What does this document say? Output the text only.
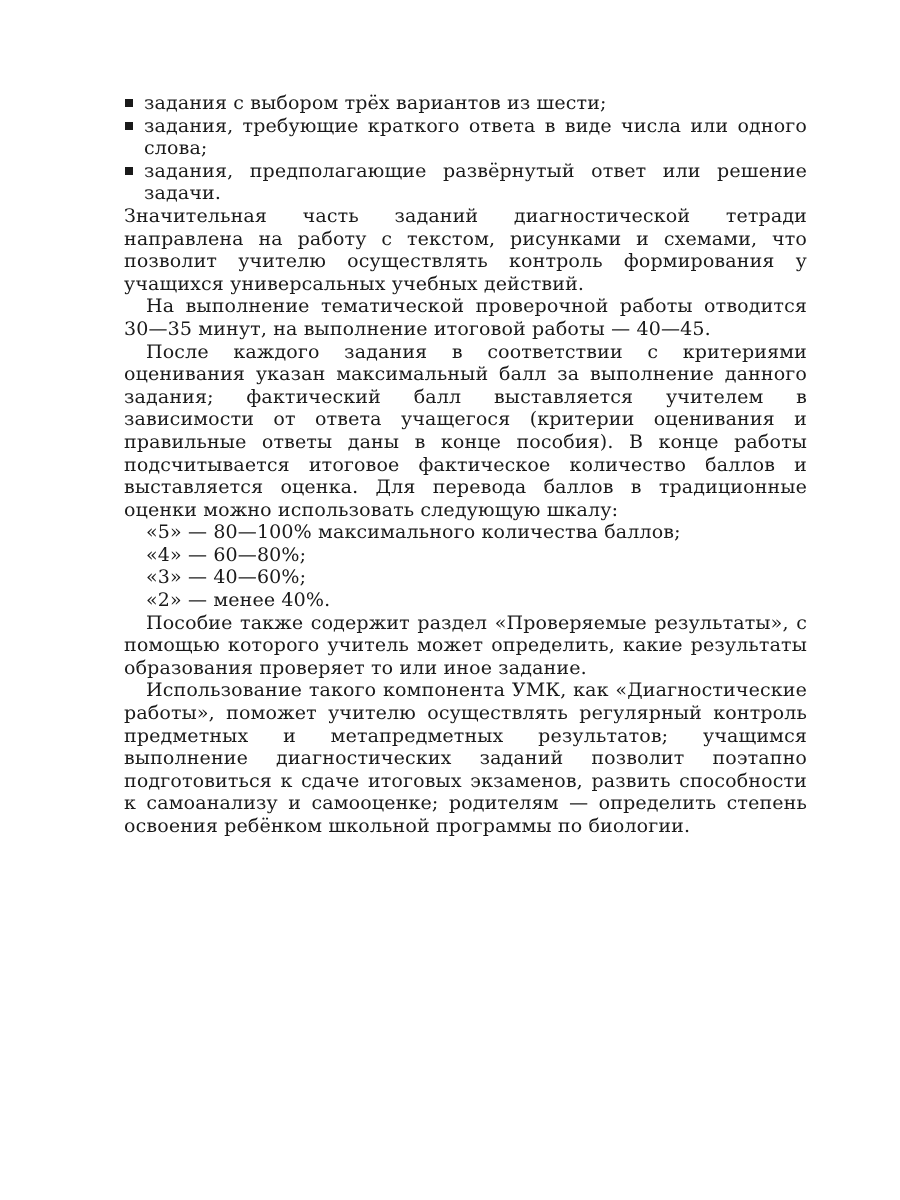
задания с выбором трёх вариантов из шести;
задания, требующие краткого ответа в виде числа или одного слова;
задания, предполагающие развёрнутый ответ или решение задачи.

Значительная часть заданий диагностической тетради направлена на работу с текстом, рисунками и схемами, что позволит учителю осуществлять контроль формирования у учащихся универсальных учебных действий.

На выполнение тематической проверочной работы отводится 30—35 минут, на выполнение итоговой работы — 40—45.

После каждого задания в соответствии с критериями оценивания указан максимальный балл за выполнение данного задания; фактический балл выставляется учителем в зависимости от ответа учащегося (критерии оценивания и правильные ответы даны в конце пособия). В конце работы подсчитывается итоговое фактическое количество баллов и выставляется оценка. Для перевода баллов в традиционные оценки можно использовать следующую шкалу:

«5» — 80—100% максимального количества баллов;
«4» — 60—80%;
«3» — 40—60%;
«2» — менее 40%.

Пособие также содержит раздел «Проверяемые результаты», с помощью которого учитель может определить, какие результаты образования проверяет то или иное задание.

Использование такого компонента УМК, как «Диагностические работы», поможет учителю осуществлять регулярный контроль предметных и метапредметных результатов; учащимся выполнение диагностических заданий позволит поэтапно подготовиться к сдаче итоговых экзаменов, развить способности к самоанализу и самооценке; родителям — определить степень освоения ребёнком школьной программы по биологии.
